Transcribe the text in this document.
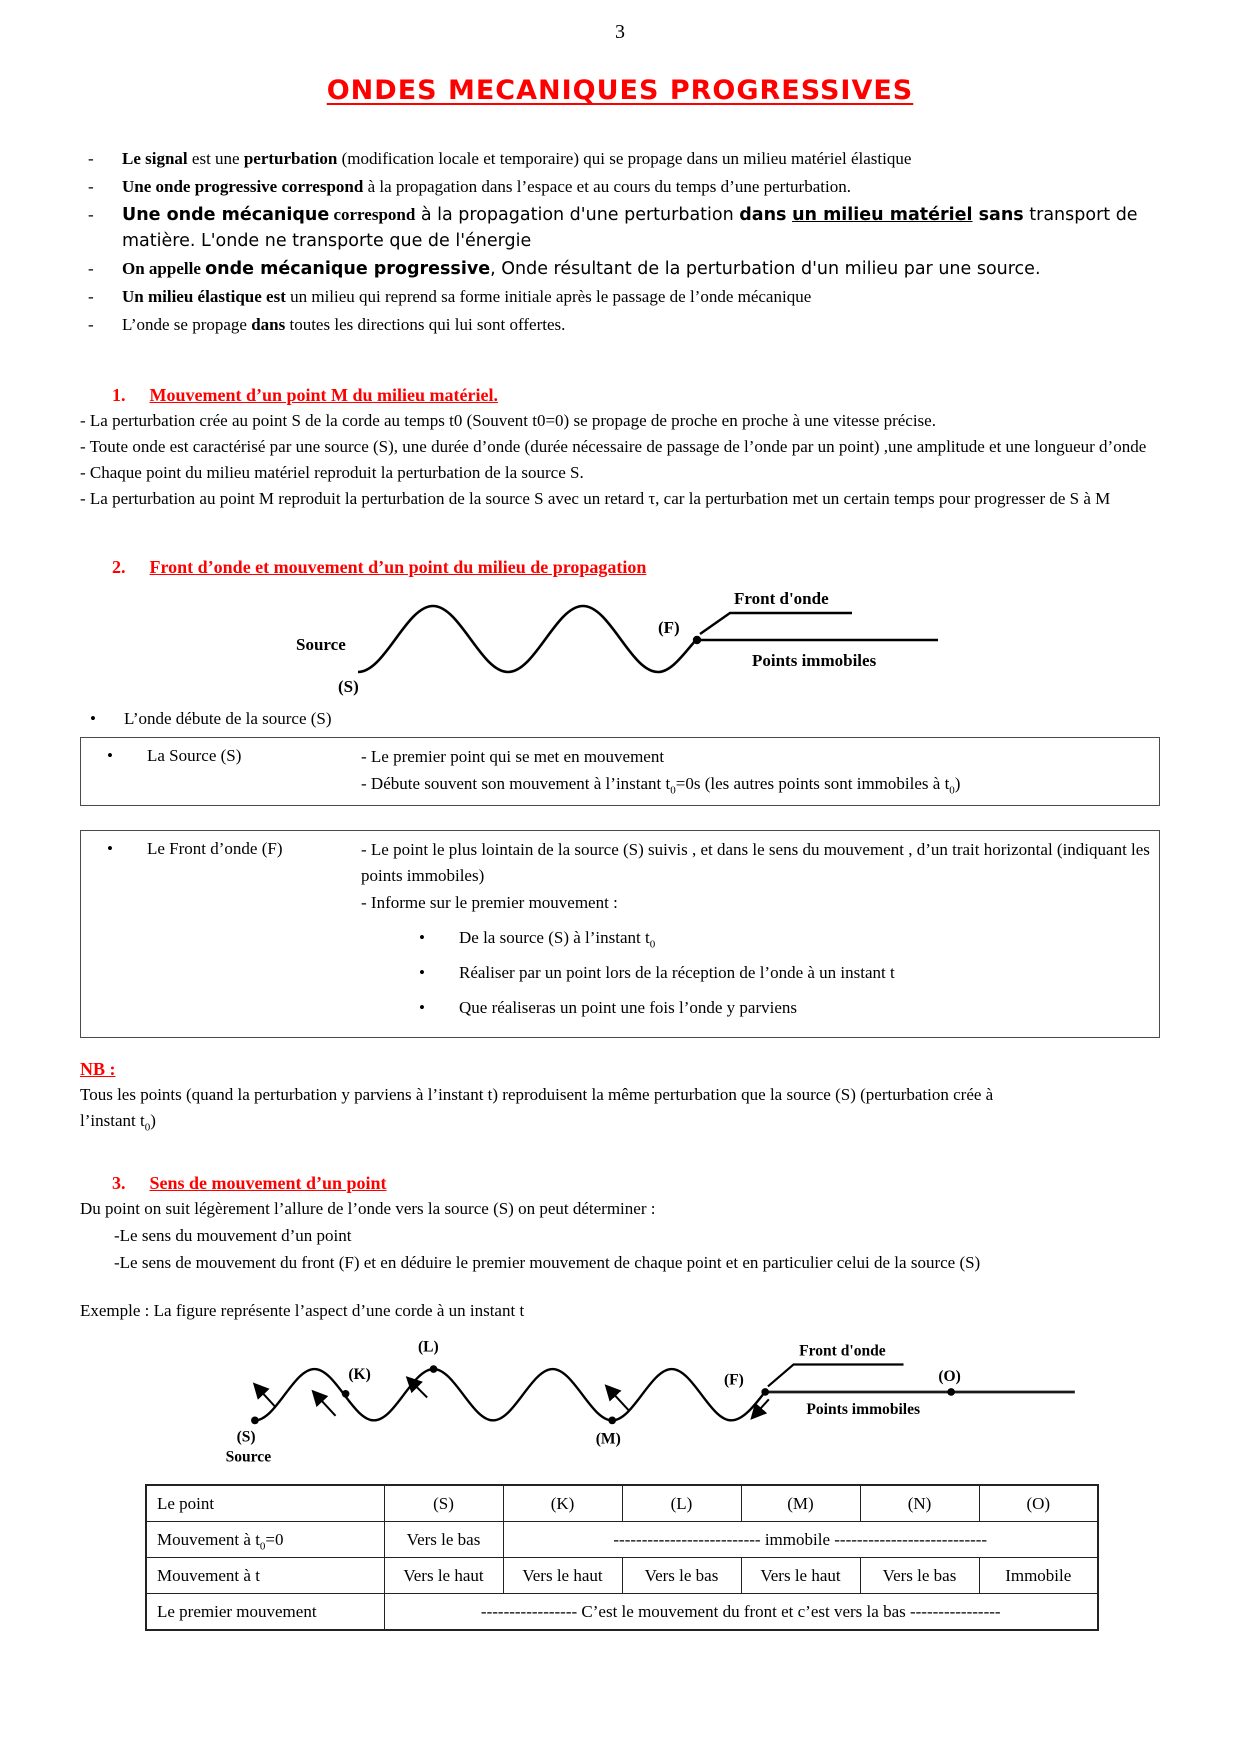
3
ONDES MECANIQUES PROGRESSIVES
-	Le signal est une perturbation (modification locale et temporaire) qui se propage dans un milieu matériel élastique
-	Une onde progressive correspond à la propagation dans l’espace et au cours du temps d’une perturbation.
-	Une onde mécanique correspond à la propagation d'une perturbation dans un milieu matériel sans transport de matière. L'onde ne transporte que de l'énergie
-	On appelle onde mécanique progressive, Onde résultant de la perturbation d'un milieu par une source.
-	Un milieu élastique est un milieu qui reprend sa forme initiale après le passage de l’onde mécanique
-	L’onde se propage dans toutes les directions qui lui sont offertes.
1. Mouvement d’un point M du milieu matériel.

- La perturbation crée au point S de la corde au temps t0 (Souvent t0=0) se propage de proche en proche à une vitesse précise.

- Toute onde est caractérisé par une source (S), une durée d’onde (durée nécessaire de passage de l’onde par un point) ,une amplitude et une longueur d’onde

- Chaque point du milieu matériel reproduit la perturbation de la source S.

- La perturbation au point M reproduit la perturbation de la source S avec un retard τ, car la perturbation met un certain temps pour progresser de S à M

2. Front d’onde et mouvement d’un point du milieu de propagation
Front d'onde
(F)
Source
(S)
Points immobiles
•	L’onde débute de la source (S)
•	La Source (S)	- Le premier point qui se met en mouvement
- Débute souvent son mouvement à l’instant $t_0=0s$ (les autres points sont immobiles à $t_0$)
•	Le Front d’onde (F)	- Le point le plus lointain de la source (S) suivis , et dans le sens du mouvement , d’un trait horizontal (indiquant les points immobiles)
- Informe sur le premier mouvement :
•	De la source (S) à l’instant $t_0$
•	Réaliser par un point lors de la réception de l’onde à un instant t
•	Que réaliseras un point une fois l’onde y parviens
NB :

Tous les points (quand la perturbation y parviens à l’instant t) reproduisent la même perturbation que la source (S) (perturbation crée à l’instant $t_0$)

3. Sens de mouvement d’un point

Du point on suit légèrement l’allure de l’onde vers la source (S) on peut déterminer :

-Le sens du mouvement d’un point
-Le sens de mouvement du front (F) et en déduire le premier mouvement de chaque point et en particulier celui de la source (S)

Exemple : La figure représente l’aspect d’une corde à un instant t

(L)
(K)
(S)
Source
(M)
(F)	(O)
Front d'onde
Points immobiles
Le point	(S)	(K)	(L)	(M)	(N)	(O)
Mouvement à $t_0=0$	Vers le bas	-------------------------- immobile ---------------------------				
Mouvement à t	Vers le haut	Vers le haut	Vers le bas	Vers le haut	Vers le bas	Immobile
Le premier mouvement	----------------- C’est le mouvement du front et c’est vers la bas ----------------					
